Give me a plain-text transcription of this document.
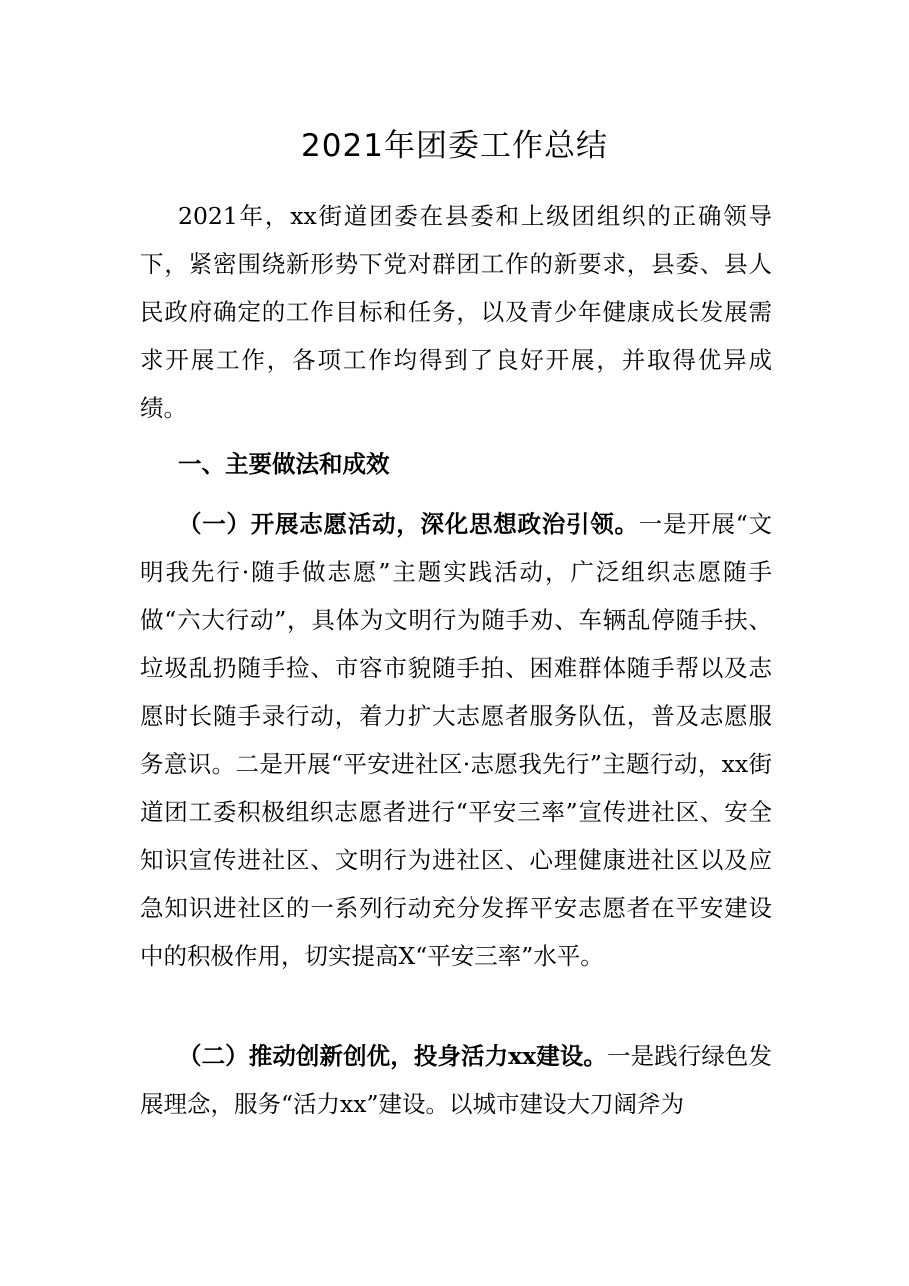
2021年团委工作总结

2021年，xx街道团委在县委和上级团组织的正确领导下，紧密围绕新形势下党对群团工作的新要求，县委、县人民政府确定的工作目标和任务，以及青少年健康成长发展需求开展工作，各项工作均得到了良好开展，并取得优异成绩。

一、主要做法和成效

（一）开展志愿活动，深化思想政治引领。一是开展“文明我先行·随手做志愿”主题实践活动，广泛组织志愿随手做“六大行动”，具体为文明行为随手劝、车辆乱停随手扶、垃圾乱扔随手捡、市容市貌随手拍、困难群体随手帮以及志愿时长随手录行动，着力扩大志愿者服务队伍，普及志愿服务意识。二是开展“平安进社区·志愿我先行”主题行动，xx街道团工委积极组织志愿者进行“平安三率”宣传进社区、安全知识宣传进社区、文明行为进社区、心理健康进社区以及应急知识进社区的一系列行动充分发挥平安志愿者在平安建设中的积极作用，切实提高X“平安三率”水平。

（二）推动创新创优，投身活力xx建设。一是践行绿色发展理念，服务“活力xx”建设。以城市建设大刀阔斧为
